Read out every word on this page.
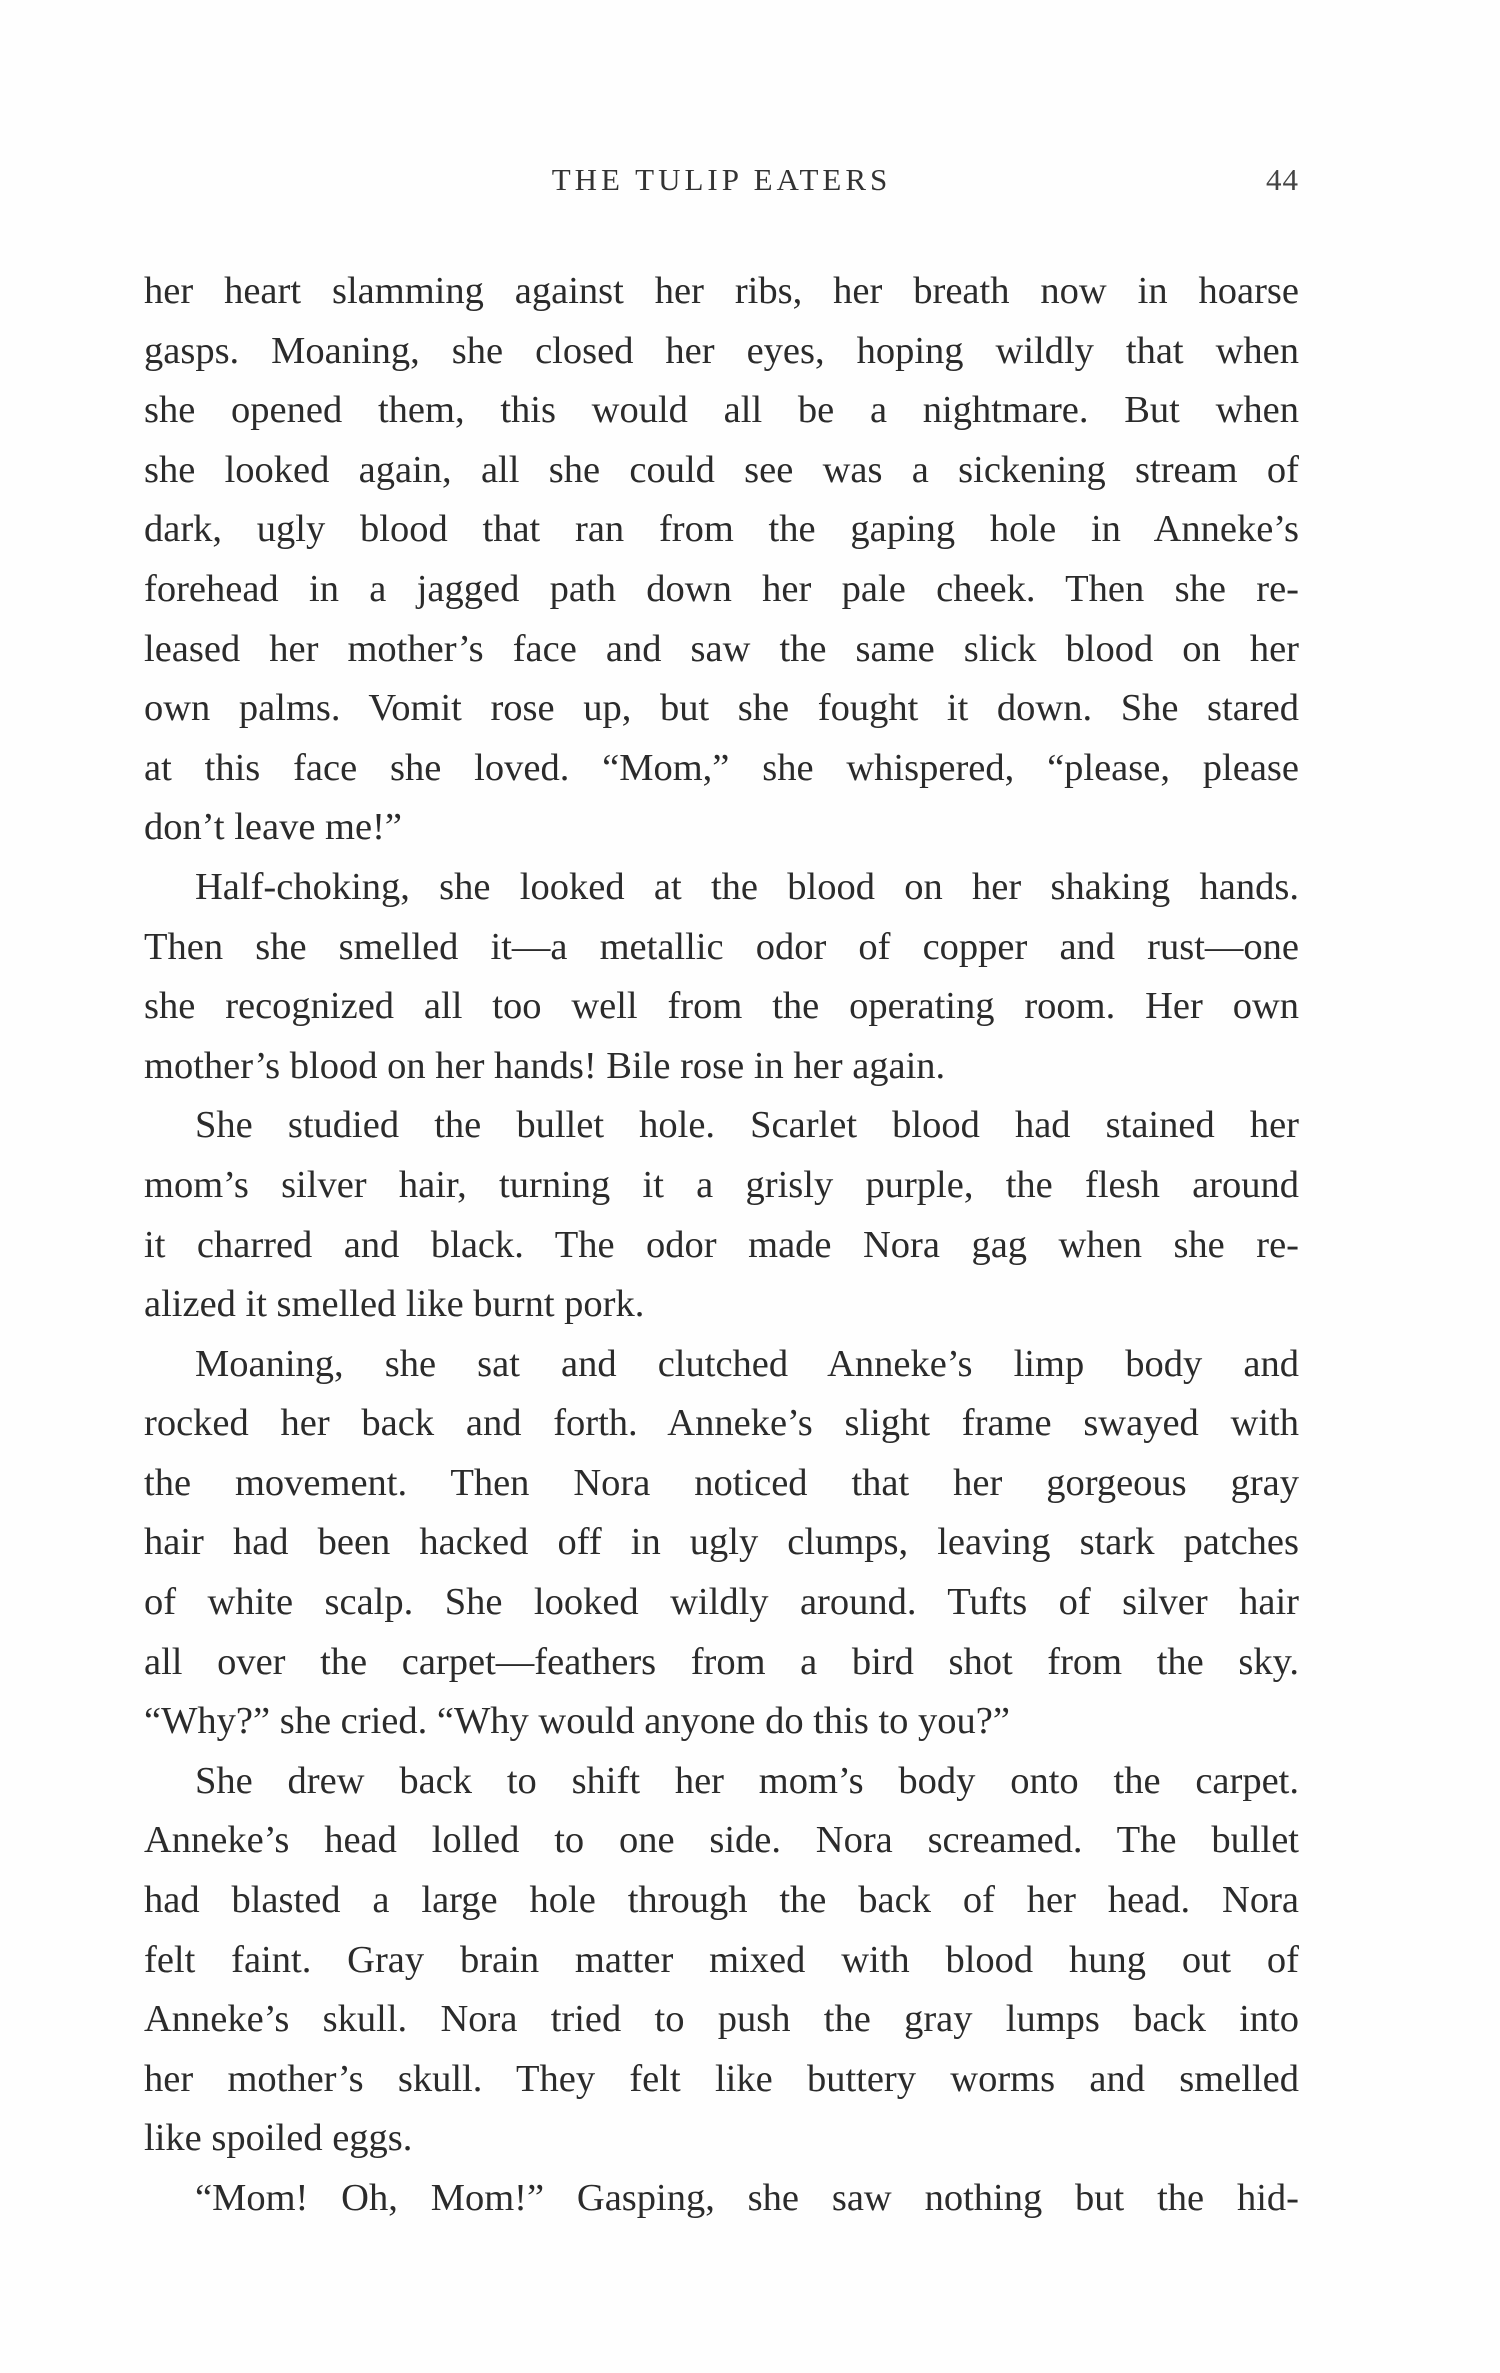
THE TULIP EATERS	44
her heart slamming against her ribs, her breath now in hoarse
gasps. Moaning, she closed her eyes, hoping wildly that when
she opened them, this would all be a nightmare. But when
she looked again, all she could see was a sickening stream of
dark, ugly blood that ran from the gaping hole in Anneke’s
forehead in a jagged path down her pale cheek. Then she re-
leased her mother’s face and saw the same slick blood on her
own palms. Vomit rose up, but she fought it down. She stared
at this face she loved. “Mom,” she whispered, “please, please
don’t leave me!”
Half-choking, she looked at the blood on her shaking hands.
Then she smelled it—a metallic odor of copper and rust—one
she recognized all too well from the operating room. Her own
mother’s blood on her hands! Bile rose in her again.
She studied the bullet hole. Scarlet blood had stained her
mom’s silver hair, turning it a grisly purple, the flesh around
it charred and black. The odor made Nora gag when she re-
alized it smelled like burnt pork.
Moaning, she sat and clutched Anneke’s limp body and
rocked her back and forth. Anneke’s slight frame swayed with
the movement. Then Nora noticed that her gorgeous gray
hair had been hacked off in ugly clumps, leaving stark patches
of white scalp. She looked wildly around. Tufts of silver hair
all over the carpet—feathers from a bird shot from the sky.
“Why?” she cried. “Why would anyone do this to you?”
She drew back to shift her mom’s body onto the carpet.
Anneke’s head lolled to one side. Nora screamed. The bullet
had blasted a large hole through the back of her head. Nora
felt faint. Gray brain matter mixed with blood hung out of
Anneke’s skull. Nora tried to push the gray lumps back into
her mother’s skull. They felt like buttery worms and smelled
like spoiled eggs.
“Mom! Oh, Mom!” Gasping, she saw nothing but the hid-
